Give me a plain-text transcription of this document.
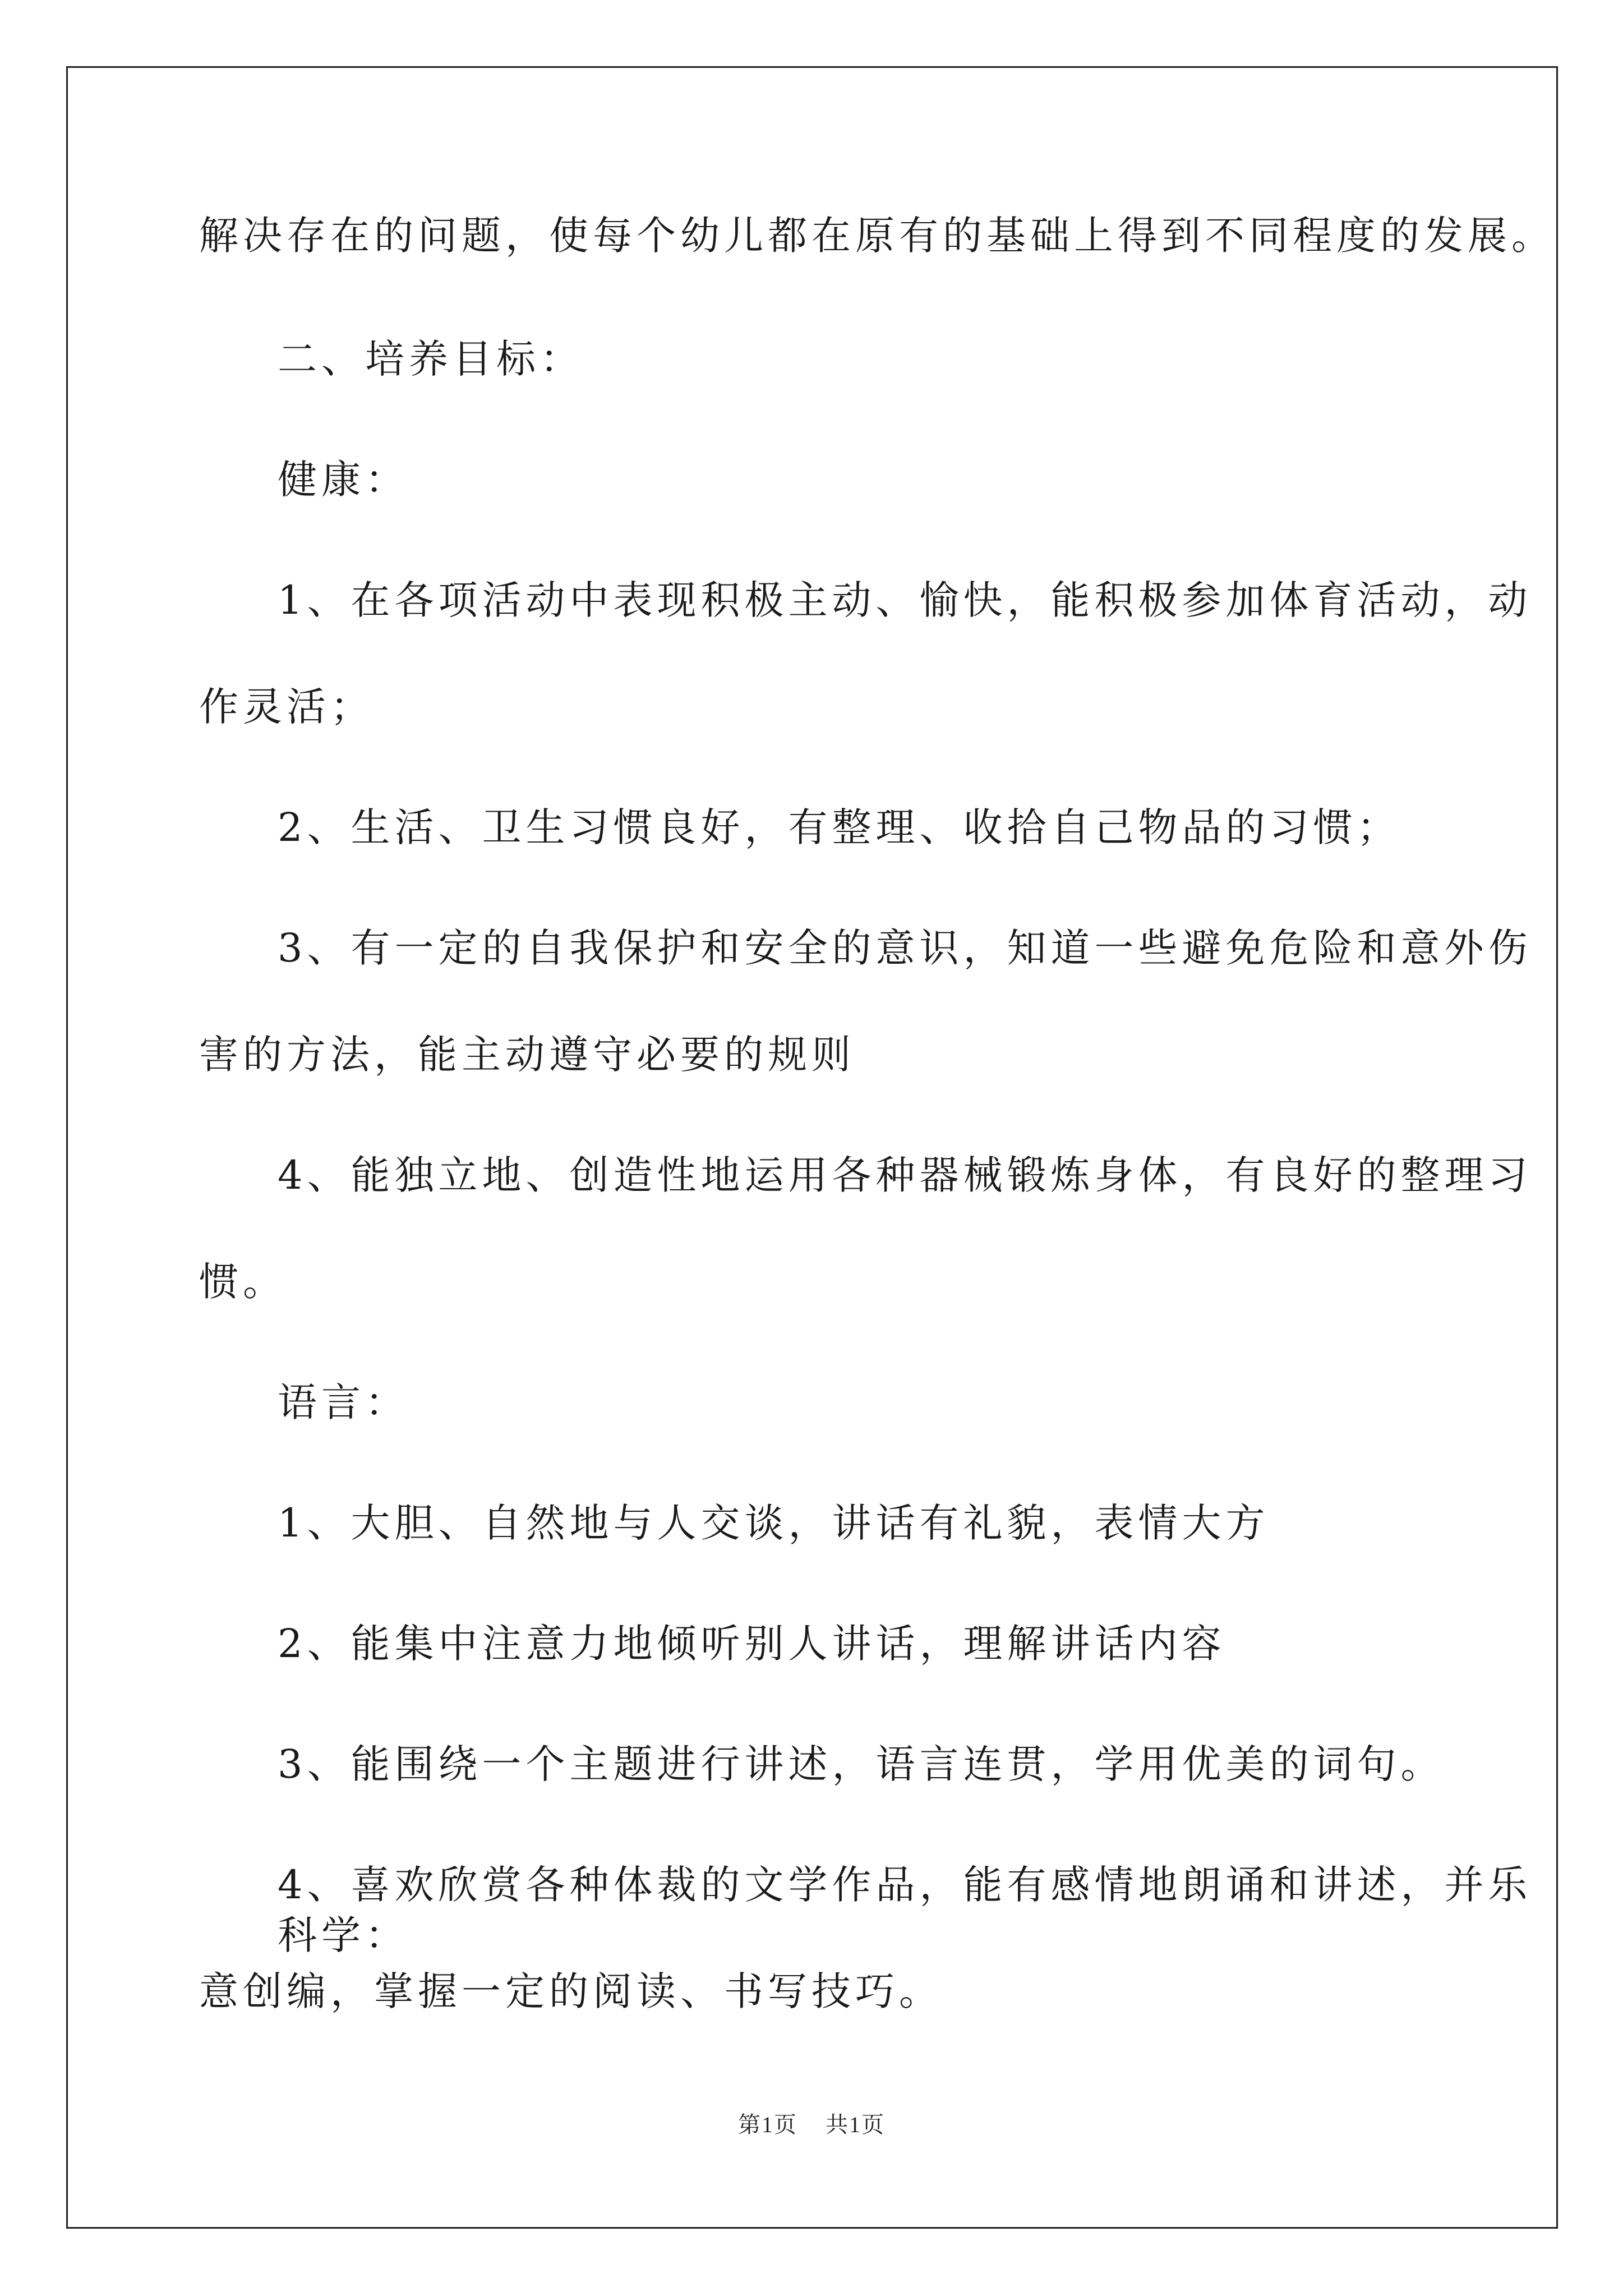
解决存在的问题，使每个幼儿都在原有的基础上得到不同程度的发展。
二、培养目标：
健康：
1、在各项活动中表现积极主动、愉快，能积极参加体育活动，动
作灵活；
2、生活、卫生习惯良好，有整理、收拾自己物品的习惯；
3、有一定的自我保护和安全的意识，知道一些避免危险和意外伤
害的方法，能主动遵守必要的规则
4、能独立地、创造性地运用各种器械锻炼身体，有良好的整理习
惯。
语言：
1、大胆、自然地与人交谈，讲话有礼貌，表情大方
2、能集中注意力地倾听别人讲话，理解讲话内容
3、能围绕一个主题进行讲述，语言连贯，学用优美的词句。
4、喜欢欣赏各种体裁的文学作品，能有感情地朗诵和讲述，并乐
意创编，掌握一定的阅读、书写技巧。
第1页 共1页
科学：
